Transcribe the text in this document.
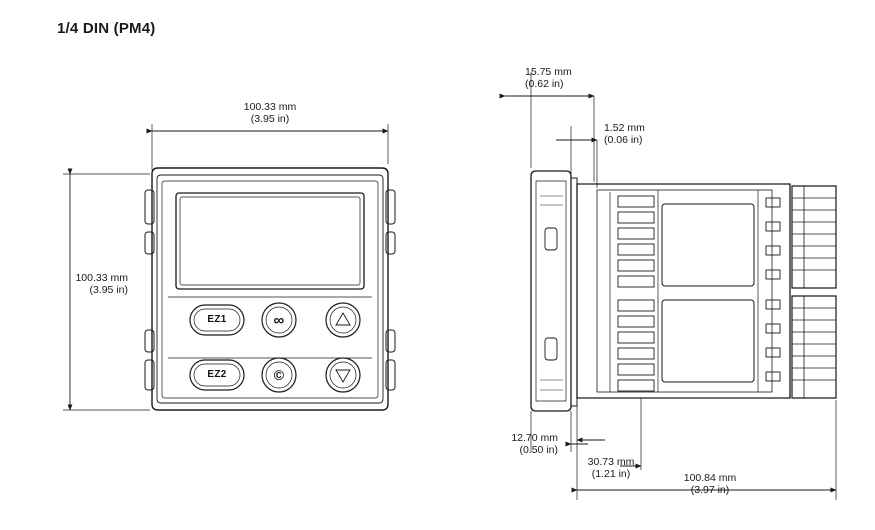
1/4 DIN (PM4)
EZ1
EZ2
∞
©
100.33 mm
(3.95 in)
100.33 mm
(3.95 in)
15.75 mm
(0.62 in)
1.52 mm
(0.06 in)
12.70 mm
(0.50 in)
30.73 mm
(1.21 in)	100.84 mm
(3.97 in)
